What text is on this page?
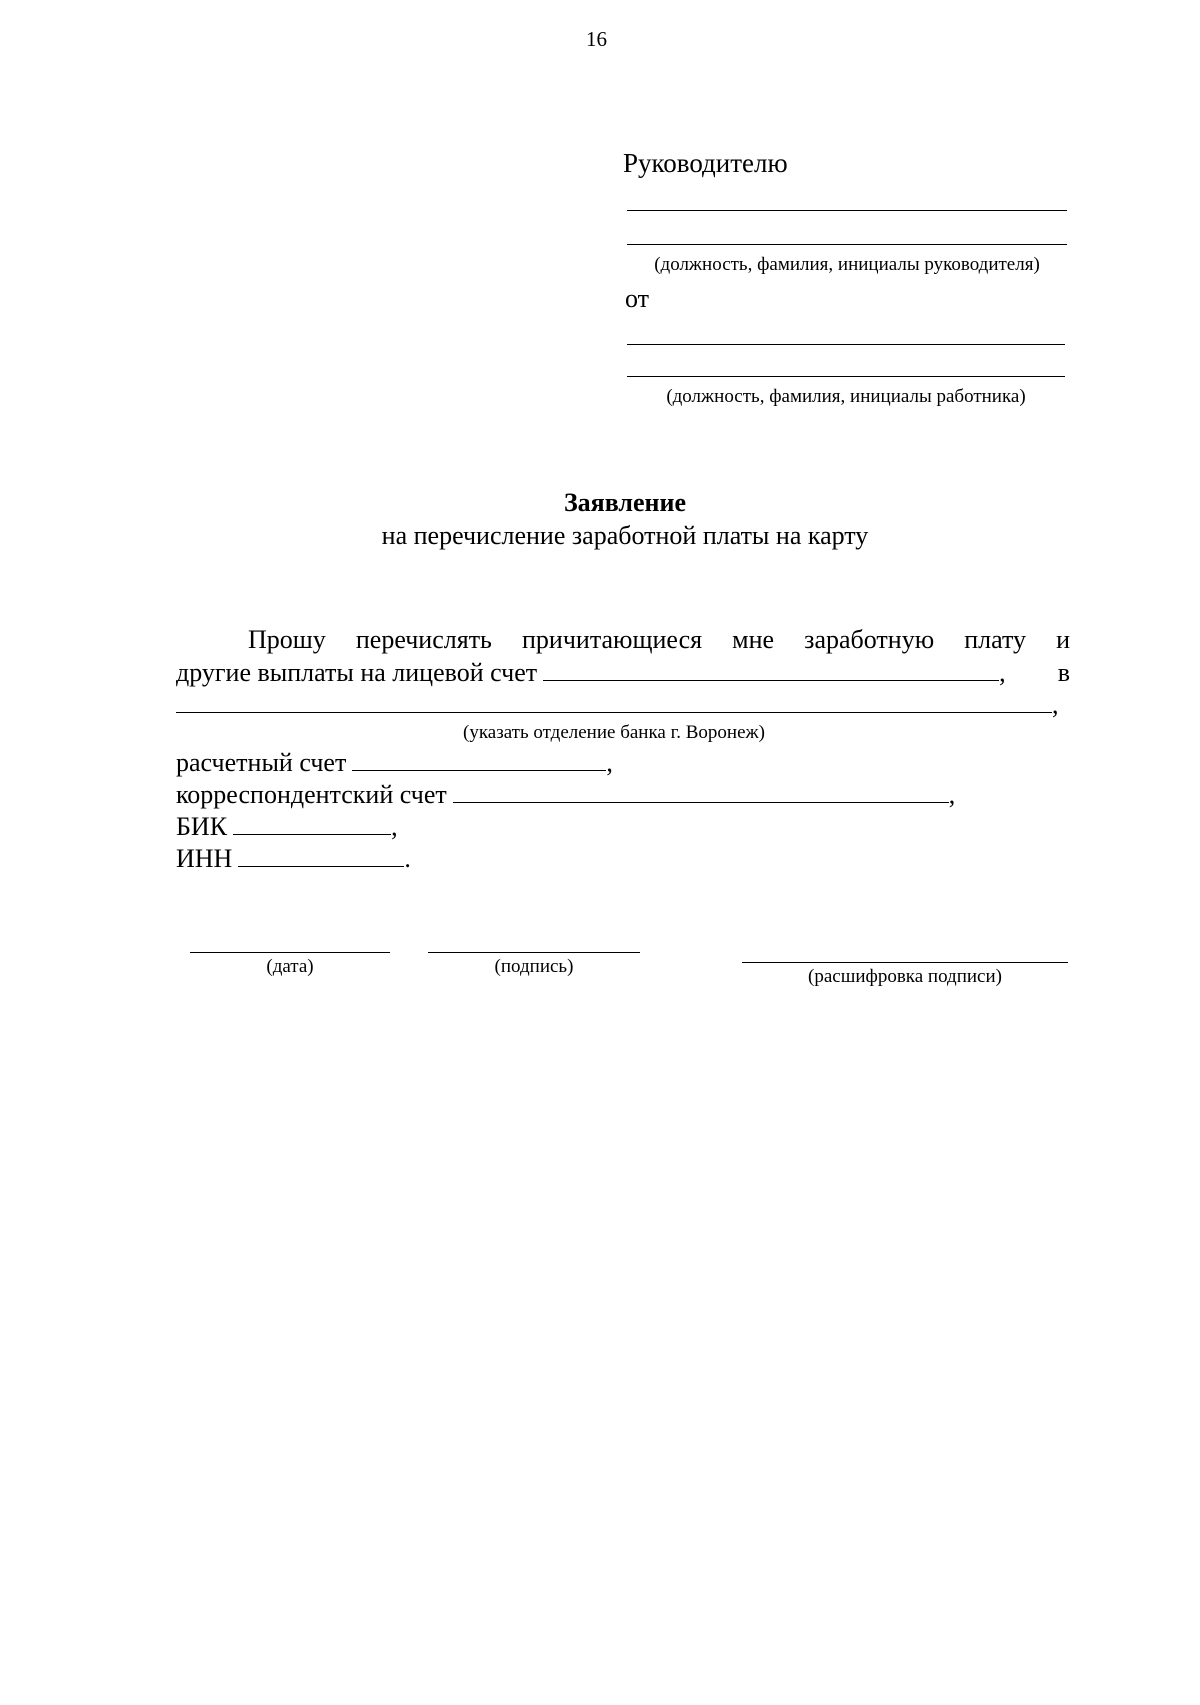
16
Руководителю
(должность, фамилия, инициалы руководителя)
от
(должность, фамилия, инициалы работника)
Заявление
на перечисление заработной платы на карту
Прошу перечислять причитающиеся мне заработную плату и
другие выплаты на лицевой счет	, в
,
(указать отделение банка г. Воронеж)
расчетный счет	,
корреспондентский счет	,
БИК	,
ИНН	.
(дата)	(подпись)	(расшифровка подписи)
